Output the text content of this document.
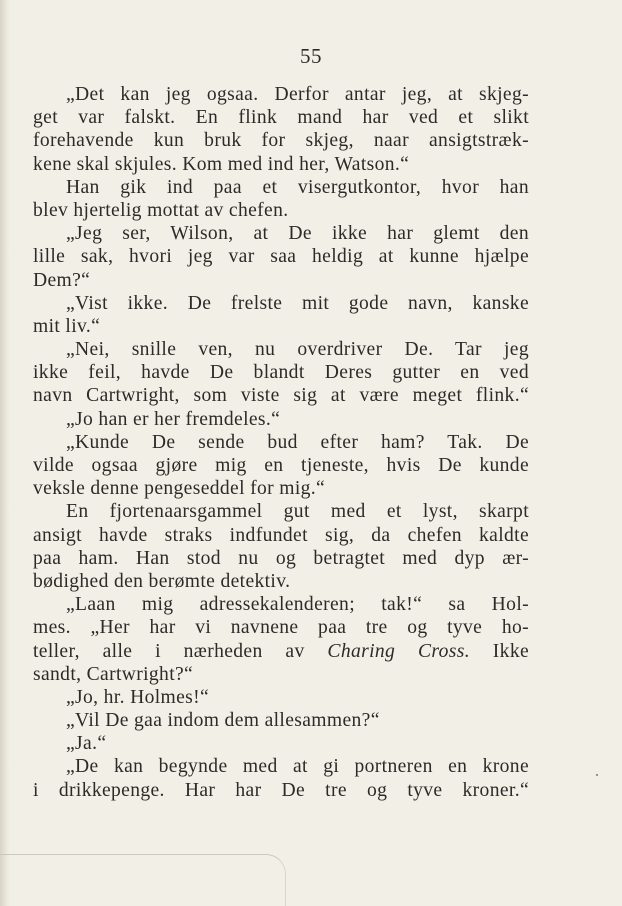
55
„Det kan jeg ogsaa. Derfor antar jeg, at skjeg-
get var falskt. En flink mand har ved et slikt
forehavende kun bruk for skjeg, naar ansigtstræk-
kene skal skjules. Kom med ind her, Watson.“
Han gik ind paa et visergutkontor, hvor han
blev hjertelig mottat av chefen.
„Jeg ser, Wilson, at De ikke har glemt den
lille sak, hvori jeg var saa heldig at kunne hjælpe
Dem?“
„Vist ikke. De frelste mit gode navn, kanske
mit liv.“
„Nei, snille ven, nu overdriver De. Tar jeg
ikke feil, havde De blandt Deres gutter en ved
navn Cartwright, som viste sig at være meget flink.“
„Jo han er her fremdeles.“
„Kunde De sende bud efter ham? Tak. De
vilde ogsaa gjøre mig en tjeneste, hvis De kunde
veksle denne pengeseddel for mig.“
En fjortenaarsgammel gut med et lyst, skarpt
ansigt havde straks indfundet sig, da chefen kaldte
paa ham. Han stod nu og betragtet med dyp ær-
bødighed den berømte detektiv.
„Laan mig adressekalenderen; tak!“ sa Hol-
mes. „Her har vi navnene paa tre og tyve ho-
teller, alle i nærheden av Charing Cross. Ikke
sandt, Cartwright?“
„Jo, hr. Holmes!“
„Vil De gaa indom dem allesammen?“
„Ja.“
„De kan begynde med at gi portneren en krone
i drikkepenge. Har har De tre og tyve kroner.“
